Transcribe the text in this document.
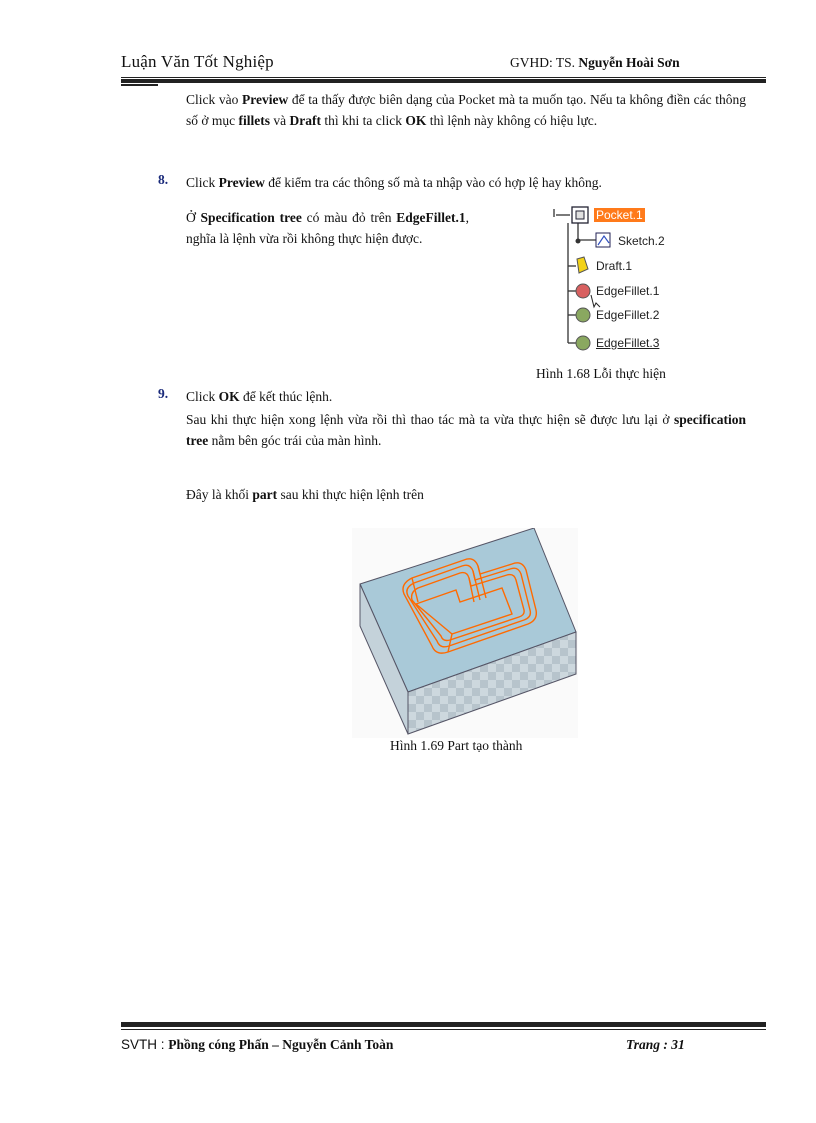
Luận Văn Tốt Nghiệp	GVHD: TS. Nguyễn Hoài Sơn

Click vào Preview để ta thấy được biên dạng của Pocket mà ta muốn tạo. Nếu ta không điền các thông số ở mục fillets và Draft thì khi ta click OK thì lệnh này không có hiệu lực.

8. Click Preview để kiểm tra các thông số mà ta nhập vào có hợp lệ hay không.

Ở Specification tree có màu đỏ trên EdgeFillet.1, nghĩa là lệnh vừa rồi không thực hiện được.

Pocket.1
Sketch.2
Draft.1
EdgeFillet.1
EdgeFillet.2
EdgeFillet.3
Hình 1.68 Lỗi thực hiện
9. Click OK để kết thúc lệnh.

Sau khi thực hiện xong lệnh vừa rồi thì thao tác mà ta vừa thực hiện sẽ được lưu lại ở specification tree nằm bên góc trái của màn hình.

Đây là khối part sau khi thực hiện lệnh trên

Hình 1.69 Part tạo thành
SVTH : Phồng cóng Phấn – Nguyễn Cảnh Toàn	Trang : 31
